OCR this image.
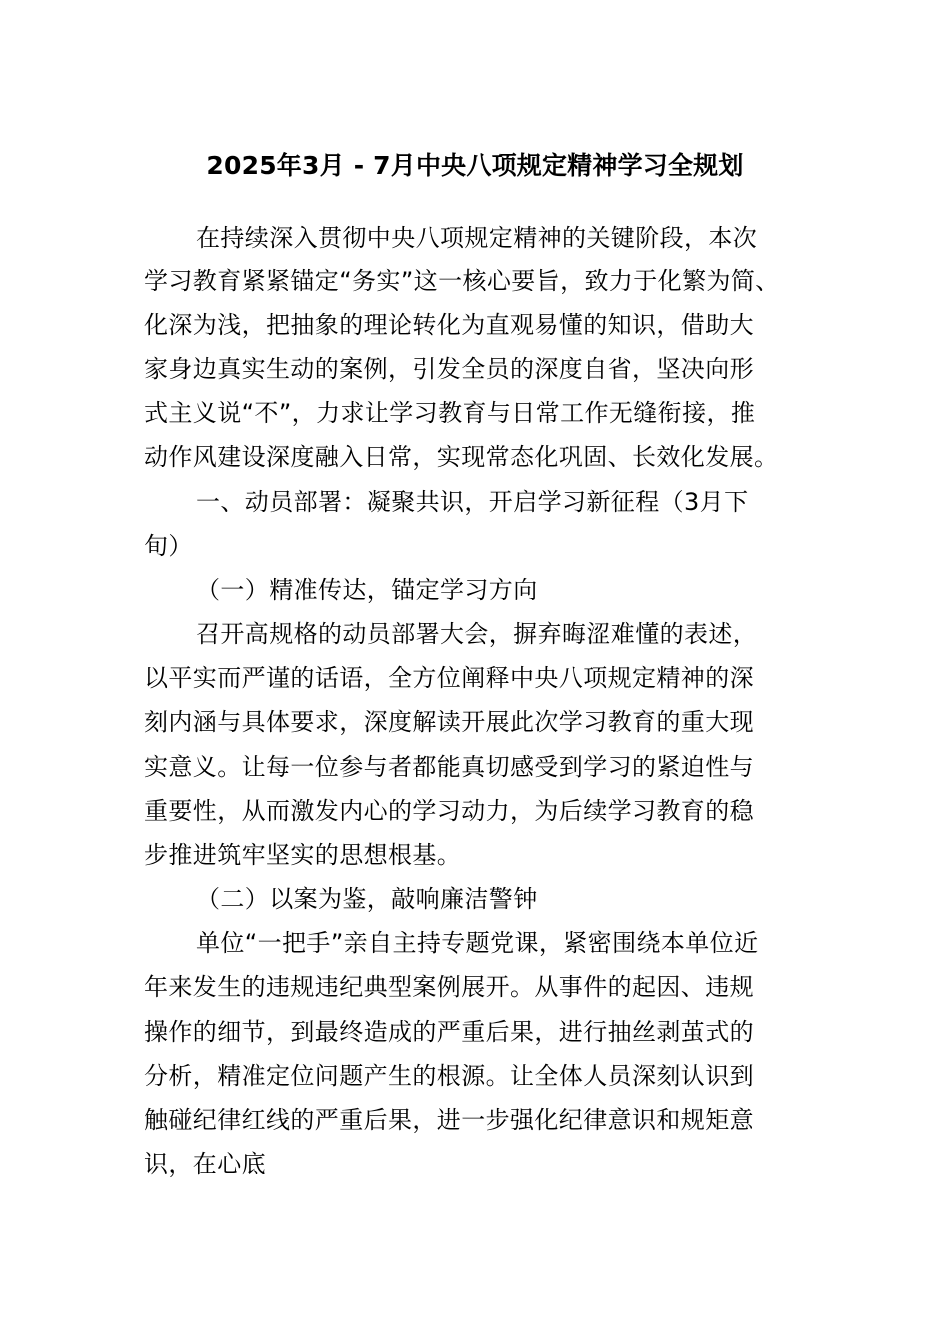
2025年3月 - 7月中央八项规定精神学习全规划
在持续深入贯彻中央八项规定精神的关键阶段，本次
学习教育紧紧锚定“务实”这一核心要旨，致力于化繁为简、
化深为浅，把抽象的理论转化为直观易懂的知识，借助大
家身边真实生动的案例，引发全员的深度自省，坚决向形
式主义说“不”，力求让学习教育与日常工作无缝衔接，推
动作风建设深度融入日常，实现常态化巩固、长效化发展。
一、动员部署：凝聚共识，开启学习新征程（3月下
旬）
（一）精准传达，锚定学习方向
召开高规格的动员部署大会，摒弃晦涩难懂的表述，
以平实而严谨的话语，全方位阐释中央八项规定精神的深
刻内涵与具体要求，深度解读开展此次学习教育的重大现
实意义。让每一位参与者都能真切感受到学习的紧迫性与
重要性，从而激发内心的学习动力，为后续学习教育的稳
步推进筑牢坚实的思想根基。
（二）以案为鉴，敲响廉洁警钟
单位“一把手”亲自主持专题党课，紧密围绕本单位近
年来发生的违规违纪典型案例展开。从事件的起因、违规
操作的细节，到最终造成的严重后果，进行抽丝剥茧式的
分析，精准定位问题产生的根源。让全体人员深刻认识到
触碰纪律红线的严重后果，进一步强化纪律意识和规矩意
识，在心底
